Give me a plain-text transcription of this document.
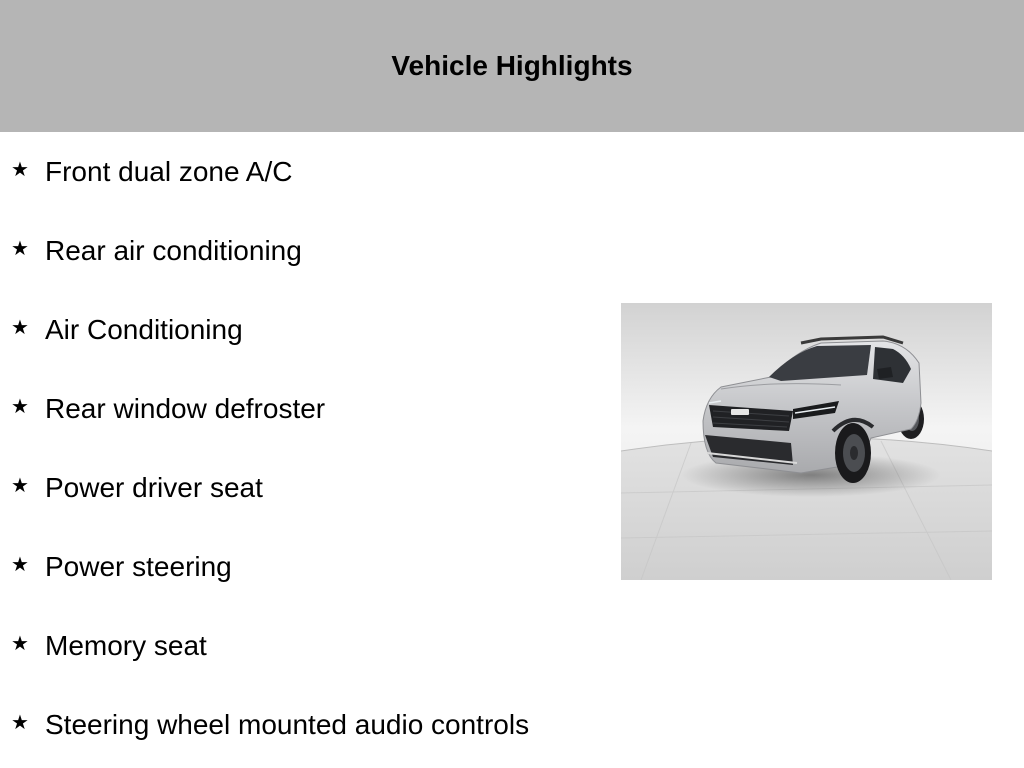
Vehicle Highlights
★ Front dual zone A/C
★ Rear air conditioning
★ Air Conditioning
★ Rear window defroster
★ Power driver seat
★ Power steering
★ Memory seat
★ Steering wheel mounted audio controls
